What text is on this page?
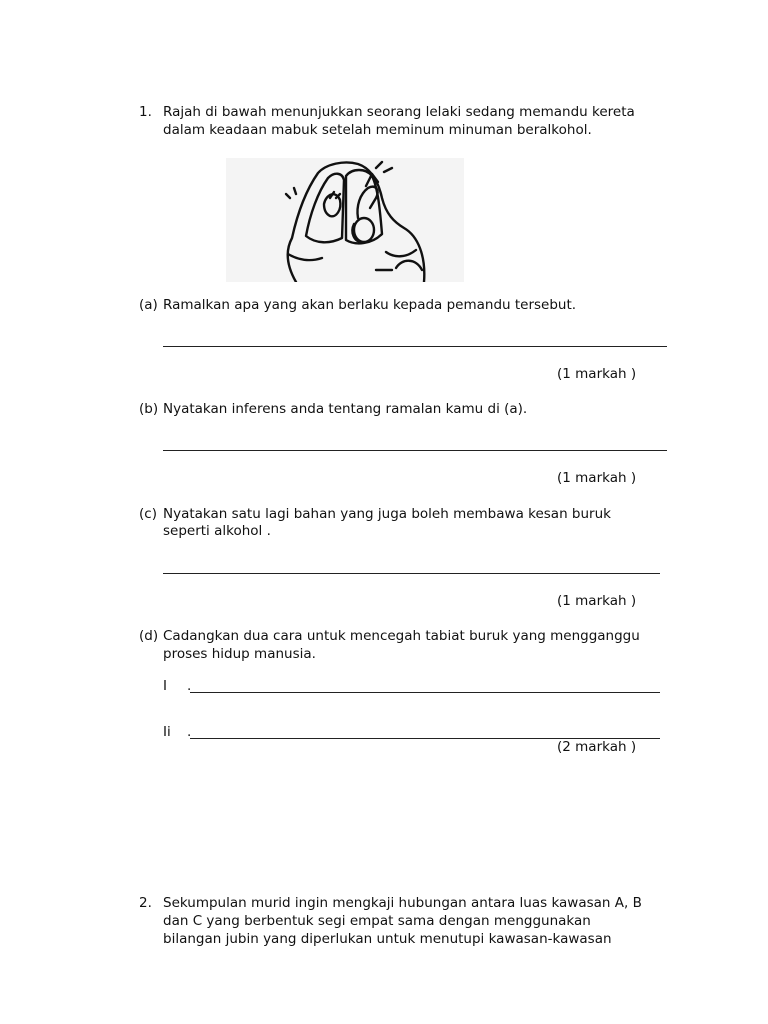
1. Rajah di bawah menunjukkan seorang lelaki sedang memandu kereta
dalam keadaan mabuk setelah meminum minuman beralkohol.
(a) Ramalkan apa yang akan berlaku kepada pemandu tersebut.
(1 markah )
(b) Nyatakan inferens anda tentang ramalan kamu di (a).
(1 markah )
(c) Nyatakan satu lagi bahan yang juga boleh membawa kesan buruk
seperti alkohol .
(1 markah )
(d) Cadangkan dua cara untuk mencegah tabiat buruk yang mengganggu
proses hidup manusia.
I .
Ii .
(2 markah )
2. Sekumpulan murid ingin mengkaji hubungan antara luas kawasan A, B
dan C yang berbentuk segi empat sama dengan menggunakan
bilangan jubin yang diperlukan untuk menutupi kawasan-kawasan
